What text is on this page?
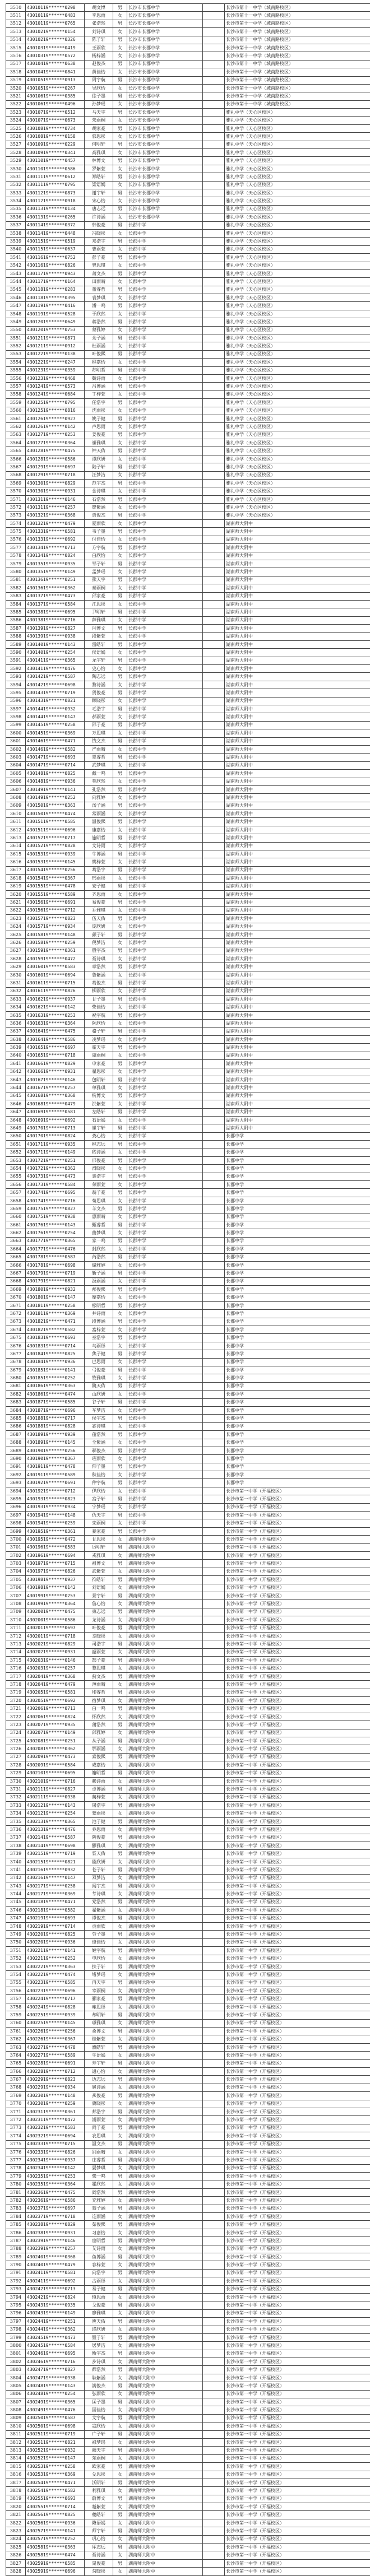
3510	43010119******0298	胡文博	男	长沙市长郡中学		长沙市第十一中学（城南路校区）
3511	43010119******0483	李思雨	女	长沙市长郡中学		长沙市第十一中学（城南路校区）
3512	43010119******0765	张浩然	男	长沙市长郡中学		长沙市第十一中学（城南路校区）
3513	43010219******0154	刘诗琪	女	长沙市长郡中学		长沙市第十一中学（城南路校区）
3514	43010219******0326	陈子轩	男	长沙市长郡中学		长沙市第十一中学（城南路校区）
3515	43010319******0419	王雨欣	女	长沙市长郡中学		长沙市第十一中学（城南路校区）
3516	43010319******0572	杨梓涵	女	长沙市长郡中学		长沙市第十一中学（城南路校区）
3517	43010419******0638	赵俊杰	男	长沙市长郡中学		长沙市第十一中学（城南路校区）
3518	43010419******0841	黄佳怡	女	长沙市长郡中学		长沙市第十一中学（城南路校区）
3519	43010519******0913	周宇航	男	长沙市长郡中学		长沙市第十一中学（城南路校区）
3520	43010519******0267	吴欣怡	女	长沙市长郡中学		长沙市第十一中学（城南路校区）
3521	43010619******0385	徐子墨	男	长沙市长郡中学		长沙市第十一中学（城南路校区）
3522	43010619******0496	孙梦瑶	女	长沙市长郡中学		长沙市第十一中学（城南路校区）
3523	43010719******0512	马天宇	男	长沙市长郡中学		雅礼中学（天心区校区）
3524	43010719******0673	朱雨桐	女	长沙市长郡中学		雅礼中学（天心区校区）
3525	43010819******0734	胡家豪	男	长沙市长郡中学		雅礼中学（天心区校区）
3526	43010819******0158	郭思彤	女	长沙市长郡中学		雅礼中学（天心区校区）
3527	43010919******0229	何明轩	男	长沙市长郡中学		雅礼中学（天心区校区）
3528	43010919******0341	高雅琪	女	长沙市长郡中学		雅礼中学（天心区校区）
3529	43011019******0457	林博文	男	长沙市长郡中学		雅礼中学（天心区校区）
3530	43011019******0586	罗紫萱	女	长沙市长郡中学		雅礼中学（天心区校区）
3531	43011119******0612	郑皓轩	男	长沙市长郡中学		雅礼中学（天心区校区）
3532	43011119******0795	梁语嫣	女	长沙市长郡中学		雅礼中学（天心区校区）
3533	43011219******0873	谢宇轩	男	长沙市长郡中学		雅礼中学（天心区校区）
3534	43011219******0918	宋心怡	女	长沙市长郡中学		雅礼中学（天心区校区）
3535	43011319******0134	唐志远	男	长沙市长郡中学		雅礼中学（天心区校区）
3536	43011319******0265	许诗涵	女	长沙市长郡中学		雅礼中学（天心区校区）
3537	43011419******0372	韩俊豪	男	长郡中学		雅礼中学（天心区校区）
3538	43011419******0448	冯晓彤	女	长郡中学		雅礼中学（天心区校区）
3539	43011519******0519	邓浩宇	男	长郡中学		雅礼中学（天心区校区）
3540	43011519******0637	曹雨萱	女	长郡中学		雅礼中学（天心区校区）
3541	43011619******0752	彭子豪	男	长郡中学		雅礼中学（天心区校区）
3542	43011619******0826	曾思琪	女	长郡中学		雅礼中学（天心区校区）
3543	43011719******0943	萧文杰	男	长郡中学		雅礼中学（天心区校区）
3544	43011719******0164	田雨晴	女	长郡中学		雅礼中学（天心区校区）
3545	43011819******0283	董睿哲	男	长郡中学		雅礼中学（天心区校区）
3546	43011819******0395	袁梦琪	女	长郡中学		雅礼中学（天心区校区）
3547	43011919******0416	潘一鸣	男	长郡中学		雅礼中学（天心区校区）
3548	43011919******0528	于欣然	女	长郡中学		雅礼中学（天心区校区）
3549	43012019******0649	蒋浩然	男	长郡中学		雅礼中学（天心区校区）
3550	43012019******0753	蔡雅婷	女	长郡中学		雅礼中学（天心区校区）
3551	43012119******0871	余子涵	男	长郡中学		雅礼中学（天心区校区）
3552	43012119******0912	杜雨涵	女	长郡中学		雅礼中学（天心区校区）
3553	43012219******0138	叶俊熙	男	长郡中学		雅礼中学（天心区校区）
3554	43012219******0247	程嘉怡	女	长郡中学		雅礼中学（天心区校区）
3555	43012319******0359	苏明哲	男	长郡中学		雅礼中学（天心区校区）
3556	43012319******0468	魏诗雨	女	长郡中学		雅礼中学（天心区校区）
3557	43012419******0573	吕博涵	男	长郡中学		雅礼中学（天心区校区）
3558	43012419******0684	丁梓萱	女	长郡中学		雅礼中学（天心区校区）
3559	43012519******0795	任浩宇	男	长郡中学		雅礼中学（天心区校区）
3560	43012519******0816	沈雨彤	女	长郡中学		雅礼中学（天心区校区）
3561	43012619******0927	姚子健	男	长郡中学		雅礼中学（天心区校区）
3562	43012619******0142	卢思雨	女	长郡中学		雅礼中学（天心区校区）
3563	43012719******0253	姜俊豪	男	长郡中学		雅礼中学（天心区校区）
3564	43012719******0364	崔雅琪	女	长郡中学		雅礼中学（天心区校区）
3565	43012819******0475	钟天佑	男	长郡中学		雅礼中学（天心区校区）
3566	43012819******0586	谭欣妍	女	长郡中学		雅礼中学（天心区校区）
3567	43012919******0697	陆子轩	男	长郡中学		雅礼中学（天心区校区）
3568	43012919******0718	汪梦洁	女	长郡中学		雅礼中学（天心区校区）
3569	43013019******0829	范宇杰	男	长郡中学		雅礼中学（天心区校区）
3570	43013019******0931	金诗琪	女	长郡中学		雅礼中学（天心区校区）
3571	43013119******0146	石浩然	男	长郡中学		雅礼中学（天心区校区）
3572	43013119******0257	廖紫涵	女	长郡中学		雅礼中学（天心区校区）
3573	43013219******0368	贾俊杰	男	长郡中学		雅礼中学（天心区校区）
3574	43013219******0479	夏雨欣	女	长郡中学		湖南师大附中
3575	43013319******0581	韦子墨	男	长郡中学		湖南师大附中
3576	43013319******0692	付佳怡	女	长郡中学		湖南师大附中
3577	43013419******0713	方宇航	男	长郡中学		湖南师大附中
3578	43013419******0824	白欣怡	女	长郡中学		湖南师大附中
3579	43013519******0935	邹子轩	男	长郡中学		湖南师大附中
3580	43013519******0149	孟梦瑶	女	长郡中学		湖南师大附中
3581	43013619******0251	熊天宇	男	长郡中学		湖南师大附中
3582	43013619******0362	秦雨桐	女	长郡中学		湖南师大附中
3583	43013719******0473	邱家豪	男	长郡中学		湖南师大附中
3584	43013719******0584	江思彤	女	长郡中学		湖南师大附中
3585	43013819******0695	尹明轩	男	长郡中学		湖南师大附中
3586	43013819******0716	薛雅琪	女	长郡中学		湖南师大附中
3587	43013919******0827	闫博文	男	长郡中学		湖南师大附中
3588	43013919******0938	段紫萱	女	长郡中学		湖南师大附中
3589	43014019******0143	雷皓轩	男	长郡中学		湖南师大附中
3590	43014019******0254	侯语嫣	女	长郡中学		湖南师大附中
3591	43014119******0365	龙宇轩	男	长郡中学		湖南师大附中
3592	43014119******0476	史心怡	女	长郡中学		湖南师大附中
3593	43014219******0587	陶志远	男	长郡中学		湖南师大附中
3594	43014219******0698	黎诗涵	女	长郡中学		湖南师大附中
3595	43014319******0719	贺俊豪	男	长郡中学		湖南师大附中
3596	43014319******0821	顾晓彤	女	长郡中学		湖南师大附中
3597	43014419******0932	毛浩宇	男	长郡中学		湖南师大附中
3598	43014419******0147	郝雨萱	女	长郡中学		湖南师大附中
3599	43014519******0258	邵子豪	男	长郡中学		湖南师大附中
3600	43014519******0369	万思琪	女	长郡中学		湖南师大附中
3601	43014619******0471	钱文杰	男	长郡中学		湖南师大附中
3602	43014619******0582	严雨晴	女	长郡中学		湖南师大附中
3603	43014719******0693	覃睿哲	男	长郡中学		湖南师大附中
3604	43014719******0714	武梦琪	女	长郡中学		湖南师大附中
3605	43014819******0825	戴一鸣	男	长郡中学		湖南师大附中
3606	43014819******0936	莫欣然	女	长郡中学		湖南师大附中
3607	43014919******0141	孔浩然	男	长郡中学		湖南师大附中
3608	43014919******0252	向雅婷	女	长郡中学		湖南师大附中
3609	43015019******0363	汤子涵	男	长郡中学		湖南师大附中
3610	43015019******0474	常雨涵	女	长郡中学		湖南师大附中
3611	43015119******0585	温俊熙	男	长郡中学		湖南师大附中
3612	43015119******0696	康嘉怡	女	长郡中学		湖南师大附中
3613	43015219******0717	施明哲	男	长郡中学		湖南师大附中
3614	43015219******0828	文诗雨	女	长郡中学		湖南师大附中
3615	43015319******0939	牛博涵	男	长郡中学		湖南师大附中
3616	43015319******0145	樊梓萱	女	长郡中学		湖南师大附中
3617	43015419******0256	葛浩宇	男	长郡中学		湖南师大附中
3618	43015419******0367	邢雨彤	女	长郡中学		湖南师大附中
3619	43015519******0478	安子健	男	长郡中学		湖南师大附中
3620	43015519******0589	齐思雨	女	长郡中学		湖南师大附中
3621	43015619******0691	易俊豪	男	长郡中学		湖南师大附中
3622	43015619******0712	乔雅琪	女	长郡中学		湖南师大附中
3623	43015719******0823	伍天佑	男	长郡中学		湖南师大附中
3624	43015719******0934	庞欣妍	女	长郡中学		湖南师大附中
3625	43015819******0148	颜子轩	男	长郡中学		湖南师大附中
3626	43015819******0259	倪梦洁	女	长郡中学		湖南师大附中
3627	43015919******0361	殷宇杰	男	长郡中学		湖南师大附中
3628	43015919******0472	聂诗琪	女	长郡中学		湖南师大附中
3629	43016019******0583	章浩然	男	长郡中学		湖南师大附中
3630	43016019******0694	鲁紫涵	女	长郡中学		湖南师大附中
3631	43016119******0715	葛俊杰	男	长郡中学		湖南师大附中
3632	43016119******0826	柳雨欣	女	长郡中学		湖南师大附中
3633	43016219******0937	甘子墨	男	长郡中学		湖南师大附中
3634	43016219******0142	柴佳怡	女	长郡中学		湖南师大附中
3635	43016319******0253	祝宇航	男	长郡中学		湖南师大附中
3636	43016319******0364	阮欣怡	女	长郡中学		湖南师大附中
3637	43016419******0475	骆子轩	男	长郡中学		湖南师大附中
3638	43016419******0586	凌梦瑶	女	长郡中学		湖南师大附中
3639	43016519******0697	霍天宇	男	长郡中学		湖南师大附中
3640	43016519******0718	虞雨桐	女	长郡中学		湖南师大附中
3641	43016619******0829	申家豪	男	长郡中学		湖南师大附中
3642	43016619******0931	翟思彤	女	长郡中学		湖南师大附中
3643	43016719******0146	包明轩	男	长郡中学		湖南师大附中
3644	43016719******0257	单雅琪	女	长郡中学		湖南师大附中
3645	43016819******0368	杭博文	男	长郡中学		湖南师大附中
3646	43016819******0479	洪紫萱	女	长郡中学		湖南师大附中
3647	43016919******0581	左皓轩	男	长郡中学		湖南师大附中
3648	43016919******0692	石语嫣	女	长郡中学		湖南师大附中
3649	43017019******0713	崔宇轩	男	长郡中学		湖南师大附中
3650	43017019******0824	龚心怡	女	长郡中学		长郡中学
3651	43017119******0935	程志远	男	长郡中学		长郡中学
3652	43017119******0149	嵇诗涵	女	长郡中学		长郡中学
3653	43017219******0251	邢俊豪	男	长郡中学		长郡中学
3654	43017219******0362	滑晓彤	女	长郡中学		长郡中学
3655	43017319******0473	裴浩宇	男	长郡中学		长郡中学
3656	43017319******0584	荣雨萱	女	长郡中学		长郡中学
3657	43017419******0695	翁子豪	男	长郡中学		长郡中学
3658	43017419******0716	荀思琪	女	长郡中学		长郡中学
3659	43017519******0827	羊文杰	男	长郡中学		长郡中学
3660	43017519******0938	惠雨晴	女	长郡中学		长郡中学
3661	43017619******0143	甄睿哲	男	长郡中学		长郡中学
3662	43017619******0254	曲梦琪	女	长郡中学		长郡中学
3663	43017719******0365	家一鸣	男	长郡中学		长郡中学
3664	43017719******0476	封欣然	女	长郡中学		长郡中学
3665	43017819******0587	芮浩然	男	长郡中学		长郡中学
3666	43017819******0698	储雅婷	女	长郡中学		长郡中学
3667	43017919******0719	靳子涵	男	长郡中学		长郡中学
3668	43017919******0821	汲雨涵	女	长郡中学		长郡中学
3669	43018019******0932	邴俊熙	男	长郡中学		长郡中学
3670	43018019******0147	糜嘉怡	女	长郡中学		长郡中学
3671	43018119******0258	松明哲	男	长郡中学		长郡中学
3672	43018119******0369	井诗雨	女	长郡中学		长郡中学
3673	43018219******0471	段博涵	男	长郡中学		长郡中学
3674	43018219******0582	富梓萱	女	长郡中学		长郡中学
3675	43018319******0693	巫浩宇	男	长郡中学		长郡中学
3676	43018319******0714	乌雨彤	女	长郡中学		长郡中学
3677	43018419******0825	焦子健	男	长郡中学		长郡中学
3678	43018419******0936	巴思雨	女	长郡中学		长郡中学
3679	43018519******0141	弓俊豪	男	长郡中学		长郡中学
3680	43018519******0252	牧雅琪	女	长郡中学		长郡中学
3681	43018619******0363	隗天佑	男	长郡中学		长郡中学
3682	43018619******0474	山欣妍	女	长郡中学		长郡中学
3683	43018719******0585	谷子轩	男	长郡中学		长郡中学
3684	43018719******0696	车梦洁	女	长郡中学		长郡中学
3685	43018819******0717	侯宇杰	男	长郡中学		长郡中学
3686	43018819******0828	宓诗琪	女	长郡中学		长郡中学
3687	43018919******0939	蓬浩然	男	长郡中学		长郡中学
3688	43018919******0145	全紫涵	女	长郡中学		长郡中学
3689	43019019******0256	郗俊杰	男	长郡中学		长郡中学
3690	43019019******0367	班雨欣	女	长郡中学		长郡中学
3691	43019119******0478	仰子墨	男	长郡中学		长郡中学
3692	43019119******0589	秋佳怡	女	长郡中学		长郡中学
3693	43019219******0691	仲宇航	男	长郡中学		长郡中学
3694	43019219******0712	伊欣怡	女	长郡中学		长沙市第一中学（开福校区）
3695	43019319******0823	宫子轩	男	长郡中学		长沙市第一中学（开福校区）
3696	43019319******0934	宁梦瑶	女	长郡中学		长沙市第一中学（开福校区）
3697	43019419******0148	仇天宇	男	长郡中学		长沙市第一中学（开福校区）
3698	43019419******0259	栾雨桐	女	长郡中学		长沙市第一中学（开福校区）
3699	43019519******0361	暴家豪	男	长郡中学		长沙市第一中学（开福校区）
3700	43019519******0472	甘思彤	女	湖南师大附中		长沙市第一中学（开福校区）
3701	43019619******0583	厉明轩	男	湖南师大附中		长沙市第一中学（开福校区）
3702	43019619******0694	戎雅琪	女	湖南师大附中		长沙市第一中学（开福校区）
3703	43019719******0715	祖博文	男	湖南师大附中		长沙市第一中学（开福校区）
3704	43019719******0826	武紫萱	女	湖南师大附中		长沙市第一中学（开福校区）
3705	43019819******0937	符皓轩	男	湖南师大附中		长沙市第一中学（开福校区）
3706	43019819******0142	刘语嫣	女	湖南师大附中		长沙市第一中学（开福校区）
3707	43019919******0253	景宇轩	男	湖南师大附中		长沙市第一中学（开福校区）
3708	43019919******0364	詹心怡	女	湖南师大附中		长沙市第一中学（开福校区）
3709	43020019******0475	束志远	男	湖南师大附中		长沙市第一中学（开福校区）
3710	43020019******0586	龙诗涵	女	湖南师大附中		长沙市第一中学（开福校区）
3711	43020119******0697	叶俊豪	男	湖南师大附中		长沙市第一中学（开福校区）
3712	43020119******0718	幸晓彤	女	湖南师大附中		长沙市第一中学（开福校区）
3713	43020219******0829	司浩宇	男	湖南师大附中		长沙市第一中学（开福校区）
3714	43020219******0931	韶雨萱	女	湖南师大附中		长沙市第一中学（开福校区）
3715	43020319******0146	郜子豪	男	湖南师大附中		长沙市第一中学（开福校区）
3716	43020319******0257	黎思琪	女	湖南师大附中		长沙市第一中学（开福校区）
3717	43020419******0368	蓟文杰	男	湖南师大附中		长沙市第一中学（开福校区）
3718	43020419******0479	薄雨晴	女	湖南师大附中		长沙市第一中学（开福校区）
3719	43020519******0581	印睿哲	男	湖南师大附中		长沙市第一中学（开福校区）
3720	43020519******0692	宿梦琪	女	湖南师大附中		长沙市第一中学（开福校区）
3721	43020619******0713	白一鸣	男	湖南师大附中		长沙市第一中学（开福校区）
3722	43020619******0824	怀欣然	女	湖南师大附中		长沙市第一中学（开福校区）
3723	43020719******0935	蒲浩然	男	湖南师大附中		长沙市第一中学（开福校区）
3724	43020719******0149	邰雅婷	女	湖南师大附中		长沙市第一中学（开福校区）
3725	43020819******0251	从子涵	男	湖南师大附中		长沙市第一中学（开福校区）
3726	43020819******0362	鄂雨涵	女	湖南师大附中		长沙市第一中学（开福校区）
3727	43020919******0473	索俊熙	男	湖南师大附中		长沙市第一中学（开福校区）
3728	43020919******0584	咸嘉怡	女	湖南师大附中		长沙市第一中学（开福校区）
3729	43021019******0695	籍明哲	男	湖南师大附中		长沙市第一中学（开福校区）
3730	43021019******0716	赖诗雨	女	湖南师大附中		长沙市第一中学（开福校区）
3731	43021119******0827	卓博涵	男	湖南师大附中		长沙市第一中学（开福校区）
3732	43021119******0938	蔺梓萱	女	湖南师大附中		长沙市第一中学（开福校区）
3733	43021219******0143	屠浩宇	男	湖南师大附中		长沙市第一中学（开福校区）
3734	43021219******0254	蒙雨彤	女	湖南师大附中		长沙市第一中学（开福校区）
3735	43021319******0365	池子健	男	湖南师大附中		长沙市第一中学（开福校区）
3736	43021319******0476	乔思雨	女	湖南师大附中		长沙市第一中学（开福校区）
3737	43021419******0587	阴俊豪	男	湖南师大附中		长沙市第一中学（开福校区）
3738	43021419******0698	鬱雅琪	女	湖南师大附中		长沙市第一中学（开福校区）
3739	43021519******0719	胥天佑	男	湖南师大附中		长沙市第一中学（开福校区）
3740	43021519******0821	能欣妍	女	湖南师大附中		长沙市第一中学（开福校区）
3741	43021619******0932	苍子轩	男	湖南师大附中		长沙市第一中学（开福校区）
3742	43021619******0147	双梦洁	女	湖南师大附中		长沙市第一中学（开福校区）
3743	43021719******0258	闻宇杰	男	湖南师大附中		长沙市第一中学（开福校区）
3744	43021719******0369	莘诗琪	女	湖南师大附中		长沙市第一中学（开福校区）
3745	43021819******0471	党浩然	男	湖南师大附中		长沙市第一中学（开福校区）
3746	43021819******0582	翟紫涵	女	湖南师大附中		长沙市第一中学（开福校区）
3747	43021919******0693	谭俊杰	男	湖南师大附中		长沙市第一中学（开福校区）
3748	43021919******0714	贡雨欣	女	湖南师大附中		长沙市第一中学（开福校区）
3749	43022019******0825	劳子墨	男	湖南师大附中		长沙市第一中学（开福校区）
3750	43022019******0936	逄佳怡	女	湖南师大附中		长沙市第一中学（开福校区）
3751	43022119******0141	姬宇航	男	湖南师大附中		长沙市第一中学（开福校区）
3752	43022119******0252	申欣怡	女	湖南师大附中		长沙市第一中学（开福校区）
3753	43022219******0363	扶子轩	男	湖南师大附中		长沙市第一中学（开福校区）
3754	43022219******0474	堵梦瑶	女	湖南师大附中		长沙市第一中学（开福校区）
3755	43022319******0585	冉天宇	男	湖南师大附中		长沙市第一中学（开福校区）
3756	43022319******0696	宰雨桐	女	湖南师大附中		长沙市第一中学（开福校区）
3757	43022419******0717	郦家豪	男	湖南师大附中		长沙市第一中学（开福校区）
3758	43022419******0828	雍思彤	女	湖南师大附中		长沙市第一中学（开福校区）
3759	43022519******0939	却明轩	男	湖南师大附中		长沙市第一中学（开福校区）
3760	43022519******0145	璩雅琪	女	湖南师大附中		长沙市第一中学（开福校区）
3761	43022619******0256	桑博文	男	湖南师大附中		长沙市第一中学（开福校区）
3762	43022619******0367	桂紫萱	女	湖南师大附中		长沙市第一中学（开福校区）
3763	43022719******0478	濮皓轩	男	湖南师大附中		长沙市第一中学（开福校区）
3764	43022719******0589	牛语嫣	女	湖南师大附中		长沙市第一中学（开福校区）
3765	43022819******0691	寿宇轩	男	湖南师大附中		长沙市第一中学（开福校区）
3766	43022819******0712	通心怡	女	湖南师大附中		长沙市第一中学（开福校区）
3767	43022919******0823	边志远	男	湖南师大附中		长沙市第一中学（开福校区）
3768	43022919******0934	扈诗涵	女	湖南师大附中		长沙市第一中学（开福校区）
3769	43023019******0148	燕俊豪	男	湖南师大附中		长沙市第一中学（开福校区）
3770	43023019******0259	冀晓彤	女	湖南师大附中		长沙市第一中学（开福校区）
3771	43023119******0361	郏浩宇	男	湖南师大附中		长沙市第一中学（开福校区）
3772	43023119******0472	浦雨萱	女	湖南师大附中		长沙市第一中学（开福校区）
3773	43023219******0583	尚子豪	男	湖南师大附中		长沙市第一中学（开福校区）
3774	43023219******0694	农思琪	女	湖南师大附中		长沙市第一中学（开福校区）
3775	43023319******0715	温文杰	男	湖南师大附中		长沙市第一中学（开福校区）
3776	43023319******0826	别雨晴	女	湖南师大附中		长沙市第一中学（开福校区）
3777	43023419******0937	庄睿哲	男	湖南师大附中		长沙市第一中学（开福校区）
3778	43023419******0142	晏梦琪	女	湖南师大附中		长沙市第一中学（开福校区）
3779	43023519******0253	柴一鸣	男	湖南师大附中		长沙市第一中学（开福校区）
3780	43023519******0364	瞿欣然	女	湖南师大附中		长沙市第一中学（开福校区）
3781	43023619******0475	阎浩然	男	湖南师大附中		长沙市第一中学（开福校区）
3782	43023619******0586	充雅婷	女	湖南师大附中		长沙市第一中学（开福校区）
3783	43023719******0697	慕子涵	男	湖南师大附中		长沙市第一中学（开福校区）
3784	43023719******0718	连雨涵	女	湖南师大附中		长沙市第一中学（开福校区）
3785	43023819******0829	茹俊熙	男	湖南师大附中		长沙市第一中学（开福校区）
3786	43023819******0931	习嘉怡	女	湖南师大附中		长沙市第一中学（开福校区）
3787	43023919******0146	宦明哲	男	湖南师大附中		长沙市第一中学（开福校区）
3788	43023919******0257	艾诗雨	女	湖南师大附中		长沙市第一中学（开福校区）
3789	43024019******0368	鱼博涵	男	湖南师大附中		长沙市第一中学（开福校区）
3790	43024019******0479	容梓萱	女	湖南师大附中		长沙市第一中学（开福校区）
3791	43024119******0581	向浩宇	男	湖南师大附中		长沙市第一中学（开福校区）
3792	43024119******0692	古雨彤	女	湖南师大附中		长沙市第一中学（开福校区）
3793	43024219******0713	易子健	男	湖南师大附中		长沙市第一中学（开福校区）
3794	43024219******0824	慎思雨	女	湖南师大附中		长沙市第一中学（开福校区）
3795	43024319******0935	戈俊豪	男	湖南师大附中		长沙市第一中学（开福校区）
3796	43024319******0149	廖雅琪	女	湖南师大附中		长沙市第一中学（开福校区）
3797	43024419******0251	庾天佑	男	湖南师大附中		长沙市第一中学（开福校区）
3798	43024419******0362	终欣妍	女	湖南师大附中		长沙市第一中学（开福校区）
3799	43024519******0473	暨子轩	男	湖南师大附中		长沙市第一中学（开福校区）
3800	43024519******0584	居梦洁	女	湖南师大附中		长沙市第一中学（开福校区）
3801	43024619******0695	衡宇杰	男	湖南师大附中		长沙市第一中学（开福校区）
3802	43024619******0716	步诗琪	女	湖南师大附中		长沙市第一中学（开福校区）
3803	43024719******0827	都浩然	男	湖南师大附中		长沙市第一中学（开福校区）
3804	43024719******0938	耿紫涵	女	湖南师大附中		长沙市第一中学（开福校区）
3805	43024819******0143	满俊杰	男	湖南师大附中		长沙市第一中学（开福校区）
3806	43024819******0254	弘雨欣	女	湖南师大附中		长沙市第一中学（开福校区）
3807	43024919******0365	匡子墨	男	湖南师大附中		长沙市第一中学（开福校区）
3808	43024919******0476	国佳怡	女	湖南师大附中		长沙市第一中学（开福校区）
3809	43025019******0587	文宇航	男	湖南师大附中		长沙市第一中学（开福校区）
3810	43025019******0698	寇欣怡	女	湖南师大附中		长沙市第一中学（开福校区）
3811	43025119******0719	广子轩	男	湖南师大附中		长沙市第一中学（开福校区）
3812	43025119******0821	禄梦瑶	女	湖南师大附中		长沙市第一中学（开福校区）
3813	43025219******0932	阙天宇	男	湖南师大附中		长沙市第一中学（开福校区）
3814	43025219******0147	东雨桐	女	湖南师大附中		长沙市第一中学（开福校区）
3815	43025319******0258	欧家豪	男	湖南师大附中		长沙市第一中学（开福校区）
3816	43025319******0369	殳思彤	女	湖南师大附中		长沙市第一中学（开福校区）
3817	43025419******0471	沃明轩	男	湖南师大附中		长沙市第一中学（开福校区）
3818	43025419******0582	利雅琪	女	湖南师大附中		长沙市第一中学（开福校区）
3819	43025519******0693	蔚博文	男	湖南师大附中		长沙市第一中学（开福校区）
3820	43025519******0714	越紫萱	女	湖南师大附中		长沙市第一中学（开福校区）
3821	43025619******0825	夔皓轩	男	湖南师大附中		长沙市第一中学（开福校区）
3822	43025619******0936	隆语嫣	女	湖南师大附中		长沙市第一中学（开福校区）
3823	43025719******0141	师宇轩	男	湖南师大附中		长沙市第一中学（开福校区）
3824	43025719******0252	巩心怡	女	湖南师大附中		长沙市第一中学（开福校区）
3825	43025819******0363	厍志远	男	湖南师大附中		长沙市第一中学（开福校区）
3826	43025819******0474	聂诗涵	女	湖南师大附中		长沙市第一中学（开福校区）
3827	43025919******0585	晁俊豪	男	湖南师大附中		长沙市第一中学（开福校区）
3828	43025919******0696	勾晓彤	女	湖南师大附中		长沙市第一中学（开福校区）
